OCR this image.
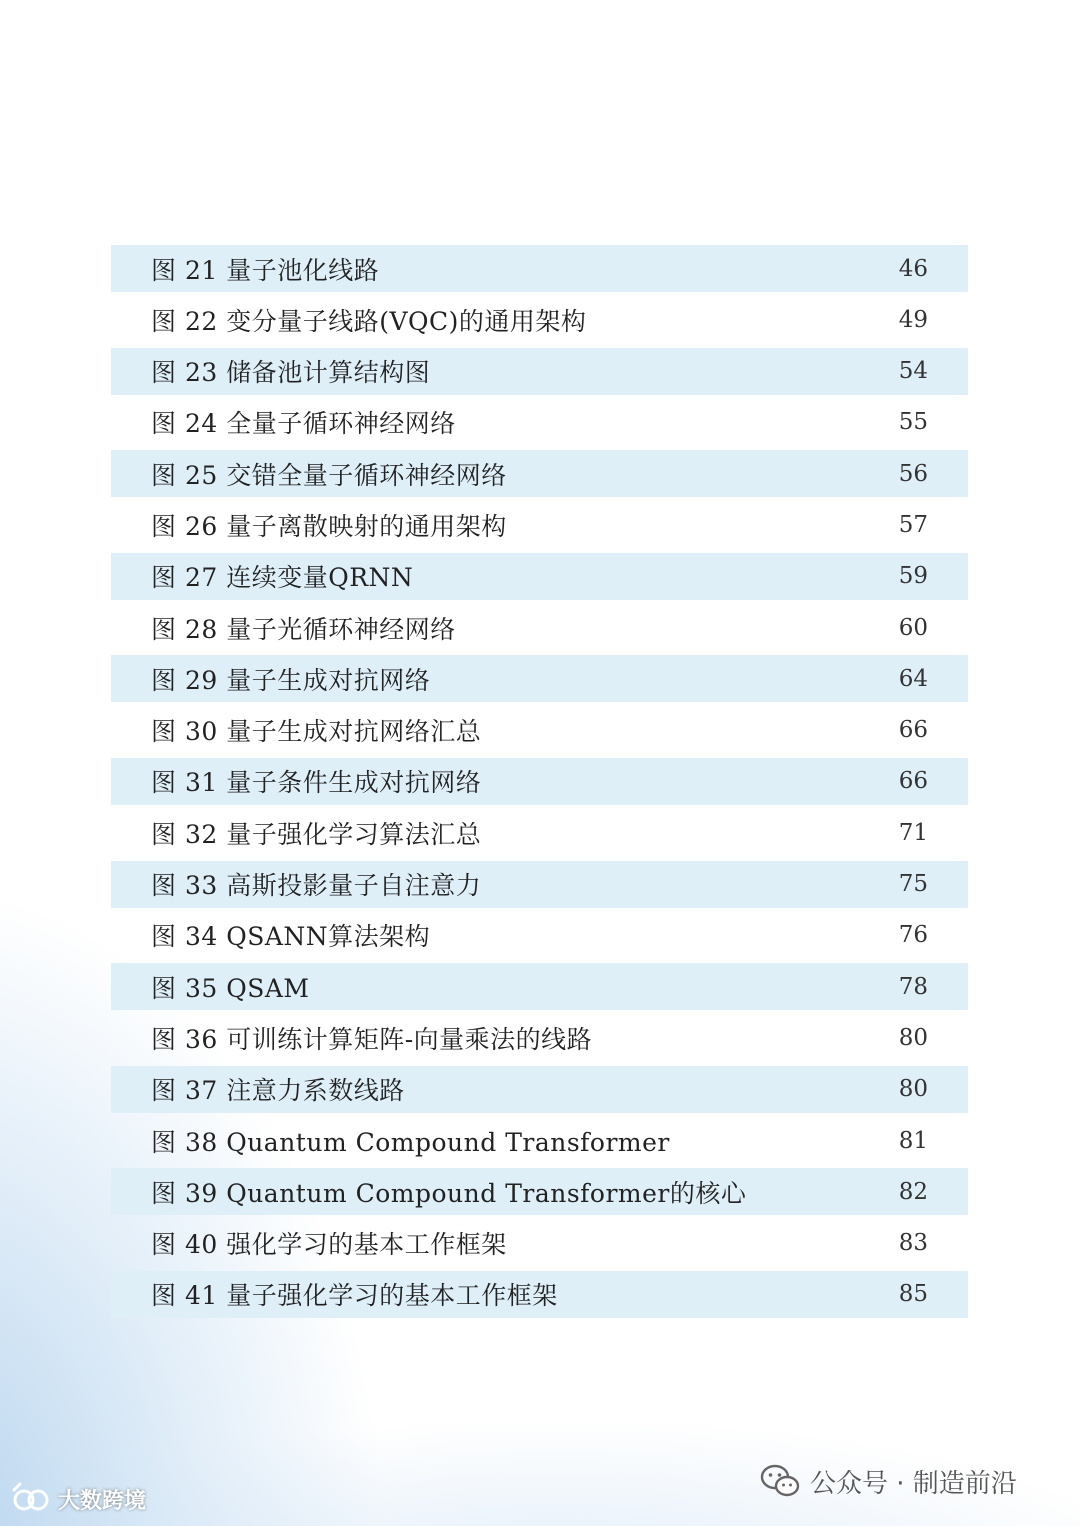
图 21 量子池化线路	46
图 22 变分量子线路(VQC)的通用架构	49
图 23 储备池计算结构图	54
图 24 全量子循环神经网络	55
图 25 交错全量子循环神经网络	56
图 26 量子离散映射的通用架构	57
图 27 连续变量QRNN	59
图 28 量子光循环神经网络	60
图 29 量子生成对抗网络	64
图 30 量子生成对抗网络汇总	66
图 31 量子条件生成对抗网络	66
图 32 量子强化学习算法汇总	71
图 33 高斯投影量子自注意力	75
图 34 QSANN算法架构	76
图 35 QSAM	78
图 36 可训练计算矩阵-向量乘法的线路	80
图 37 注意力系数线路	80
图 38 Quantum Compound Transformer	81
图 39 Quantum Compound Transformer的核心	82
图 40 强化学习的基本工作框架	83
图 41 量子强化学习的基本工作框架	85
大数跨境
公众号 · 制造前沿
